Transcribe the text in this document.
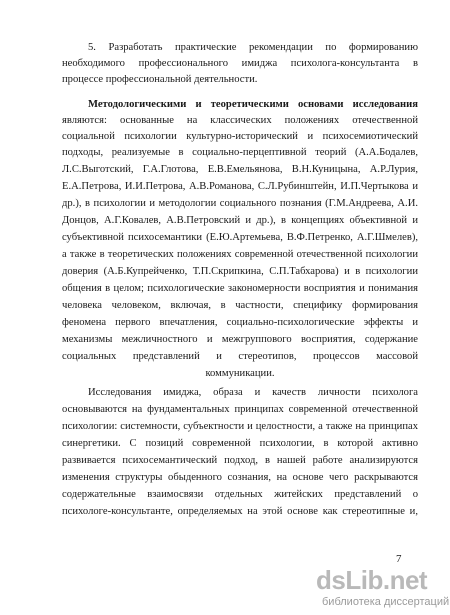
5. Разработать практические рекомендации по формированию
необходимого профессионального имиджа психолога-консультанта в
процессе профессиональной деятельности.
Методологическими и теоретическими основами исследования
являются: основанные на классических положениях отечественной
социальной психологии культурно-исторический и психосемиотический
подходы, реализуемые в социально-перцептивной теорий (А.А.Бодалев,
Л.С.Выготский, Г.А.Глотова, Е.В.Емельянова, В.Н.Куницына, А.Р.Лурия,
Е.А.Петрова, И.И.Петрова, А.В.Романова, С.Л.Рубинштейн, И.П.Чертыкова и
др.), в психологии и методологии социального познания (Г.М.Андреева, А.И.
Донцов, А.Г.Ковалев, А.В.Петровский и др.), в концепциях объективной и
субъективной психосемантики (Е.Ю.Артемьева, В.Ф.Петренко, А.Г.Шмелев),
а также в теоретических положениях современной отечественной психологии
доверия (А.Б.Купрейченко, Т.П.Скрипкина, С.П.Табхарова) и в психологии
общения в целом; психологические закономерности восприятия и понимания
человека человеком, включая, в частности, специфику формирования
феномена первого впечатления, социально-психологические эффекты и
механизмы межличностного и межгруппового восприятия, содержание
социальных представлений и стереотипов, процессов массовой
коммуникации.
Исследования имиджа, образа и качеств личности психолога
основываются на фундаментальных принципах современной отечественной
психологии: системности, субъектности и целостности, а также на принципах
синергетики. С позиций современной психологии, в которой активно
развивается психосемантический подход, в нашей работе анализируются
изменения структуры обыденного сознания, на основе чего раскрываются
содержательные взаимосвязи отдельных житейских представлений о
психологе-консультанте, определяемых на этой основе как стереотипные и,
7
dsLib.net
библиотека диссертаций
